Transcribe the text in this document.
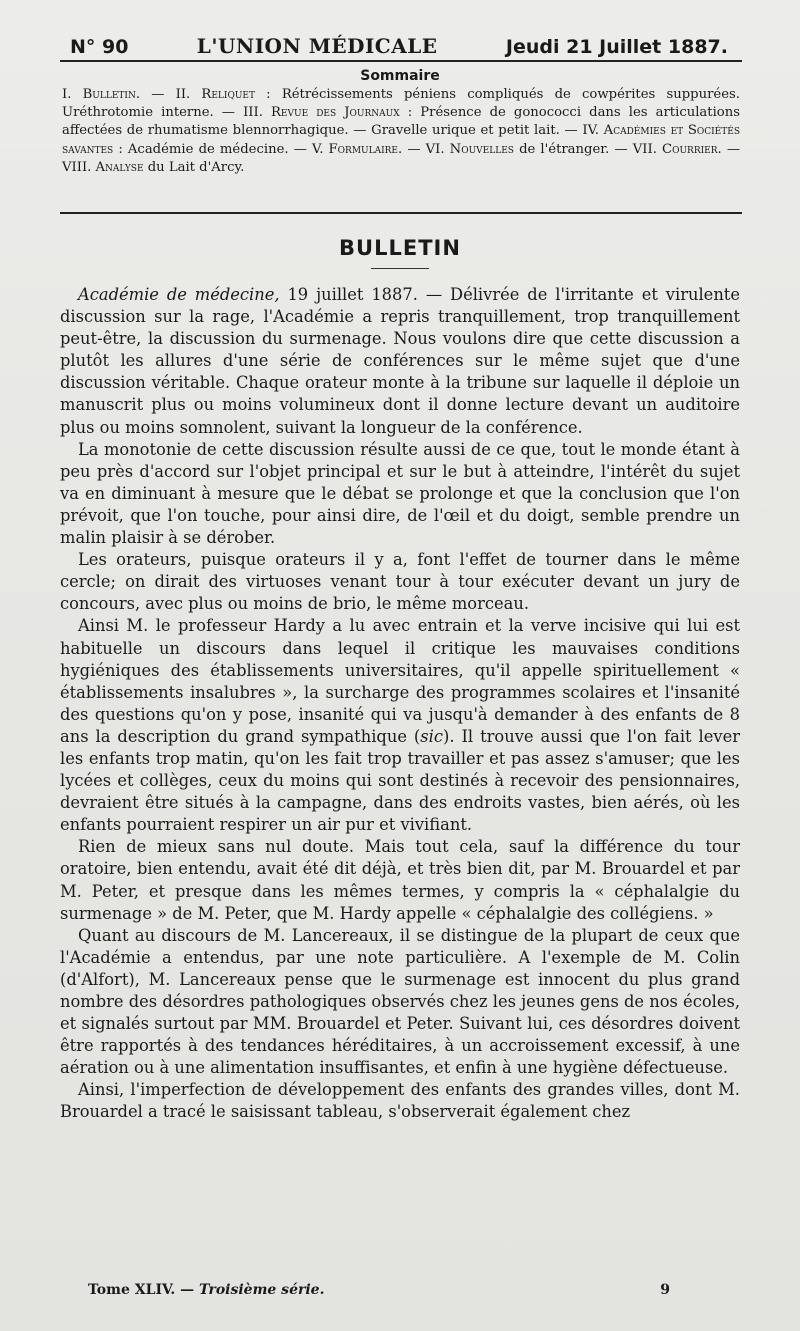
N° 90	L'UNION MÉDICALE	Jeudi 21 Juillet 1887.
Sommaire
I. Bulletin. — II. Reliquet : Rétrécissements péniens compliqués de cowpérites suppurées. Uréthrotomie interne. — III. Revue des Journaux : Présence de gonococci dans les articulations affectées de rhumatisme blennorrhagique. — Gravelle urique et petit lait. — IV. Académies et Sociétés savantes : Académie de médecine. — V. Formulaire. — VI. Nouvelles de l'étranger. — VII. Courrier. — VIII. Analyse du Lait d'Arcy.
BULLETIN

Académie de médecine, 19 juillet 1887. — Délivrée de l'irritante et virulente discussion sur la rage, l'Académie a repris tranquillement, trop tranquillement peut-être, la discussion du surmenage. Nous voulons dire que cette discussion a plutôt les allures d'une série de conférences sur le même sujet que d'une discussion véritable. Chaque orateur monte à la tribune sur laquelle il déploie un manuscrit plus ou moins volumineux dont il donne lecture devant un auditoire plus ou moins somnolent, suivant la longueur de la conférence.

La monotonie de cette discussion résulte aussi de ce que, tout le monde étant à peu près d'accord sur l'objet principal et sur le but à atteindre, l'intérêt du sujet va en diminuant à mesure que le débat se prolonge et que la conclusion que l'on prévoit, que l'on touche, pour ainsi dire, de l'œil et du doigt, semble prendre un malin plaisir à se dérober.

Les orateurs, puisque orateurs il y a, font l'effet de tourner dans le même cercle; on dirait des virtuoses venant tour à tour exécuter devant un jury de concours, avec plus ou moins de brio, le même morceau.

Ainsi M. le professeur Hardy a lu avec entrain et la verve incisive qui lui est habituelle un discours dans lequel il critique les mauvaises conditions hygiéniques des établissements universitaires, qu'il appelle spirituellement « établissements insalubres », la surcharge des programmes scolaires et l'insanité des questions qu'on y pose, insanité qui va jusqu'à demander à des enfants de 8 ans la description du grand sympathique (sic). Il trouve aussi que l'on fait lever les enfants trop matin, qu'on les fait trop travailler et pas assez s'amuser; que les lycées et collèges, ceux du moins qui sont destinés à recevoir des pensionnaires, devraient être situés à la campagne, dans des endroits vastes, bien aérés, où les enfants pourraient respirer un air pur et vivifiant.

Rien de mieux sans nul doute. Mais tout cela, sauf la différence du tour oratoire, bien entendu, avait été dit déjà, et très bien dit, par M. Brouardel et par M. Peter, et presque dans les mêmes termes, y compris la « céphalalgie du surmenage » de M. Peter, que M. Hardy appelle « céphalalgie des collégiens. »

Quant au discours de M. Lancereaux, il se distingue de la plupart de ceux que l'Académie a entendus, par une note particulière. A l'exemple de M. Colin (d'Alfort), M. Lancereaux pense que le surmenage est innocent du plus grand nombre des désordres pathologiques observés chez les jeunes gens de nos écoles, et signalés surtout par MM. Brouardel et Peter. Suivant lui, ces désordres doivent être rapportés à des tendances héréditaires, à un accroissement excessif, à une aération ou à une alimentation insuffisantes, et enfin à une hygiène défectueuse.

Ainsi, l'imperfection de développement des enfants des grandes villes, dont M. Brouardel a tracé le saisissant tableau, s'observerait également chez

Tome XLIV. — Troisième série.	9
